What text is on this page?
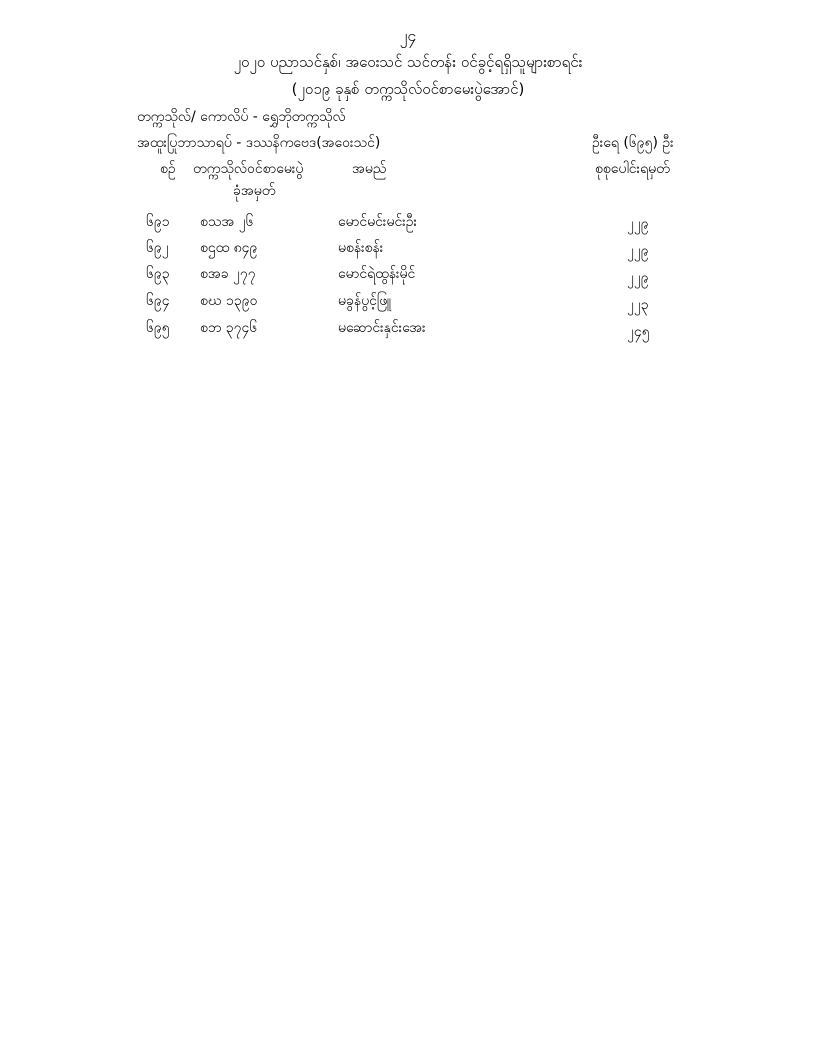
၂၄
၂၀၂၀ ပညာသင်နှစ်၊ အဝေးသင် သင်တန်း ဝင်ခွင့်ရရှိသူများစာရင်း
(၂၀၁၉ ခုနှစ် တက္ကသိုလ်ဝင်စာမေးပွဲအောင်)
တက္ကသိုလ်/ ကောလိပ် - ရွှေဘိုတက္ကသိုလ်
အထူးပြုဘာသာရပ် - ဒဿနိကဗေဒ(အဝေးသင်)	ဦးရေ (၆၉၅) ဦး
စဉ် တက္ကသိုလ်ဝင်စာမေးပွဲ
ခုံအမှတ်
အမည်	စုစုပေါင်းရမှတ်
၆၉၁ စသအ ၂၆	မောင်မင်းမင်းဦး	၂၂၉
၆၉၂ စဌထ ၈၄၉	မစန်းစန်း	၂၂၉
၆၉၃ စအခ ၂၇၇	မောင်ရဲထွန်းမိုင်	၂၂၉
၆၉၄ စဃ ၁၃၉၀	မခွန်ပွင့်ဖြူ	၂၂၃
၆၉၅ စဘ ၃၇၄၆	မဆောင်းနှင်းအေး	၂၄၅
